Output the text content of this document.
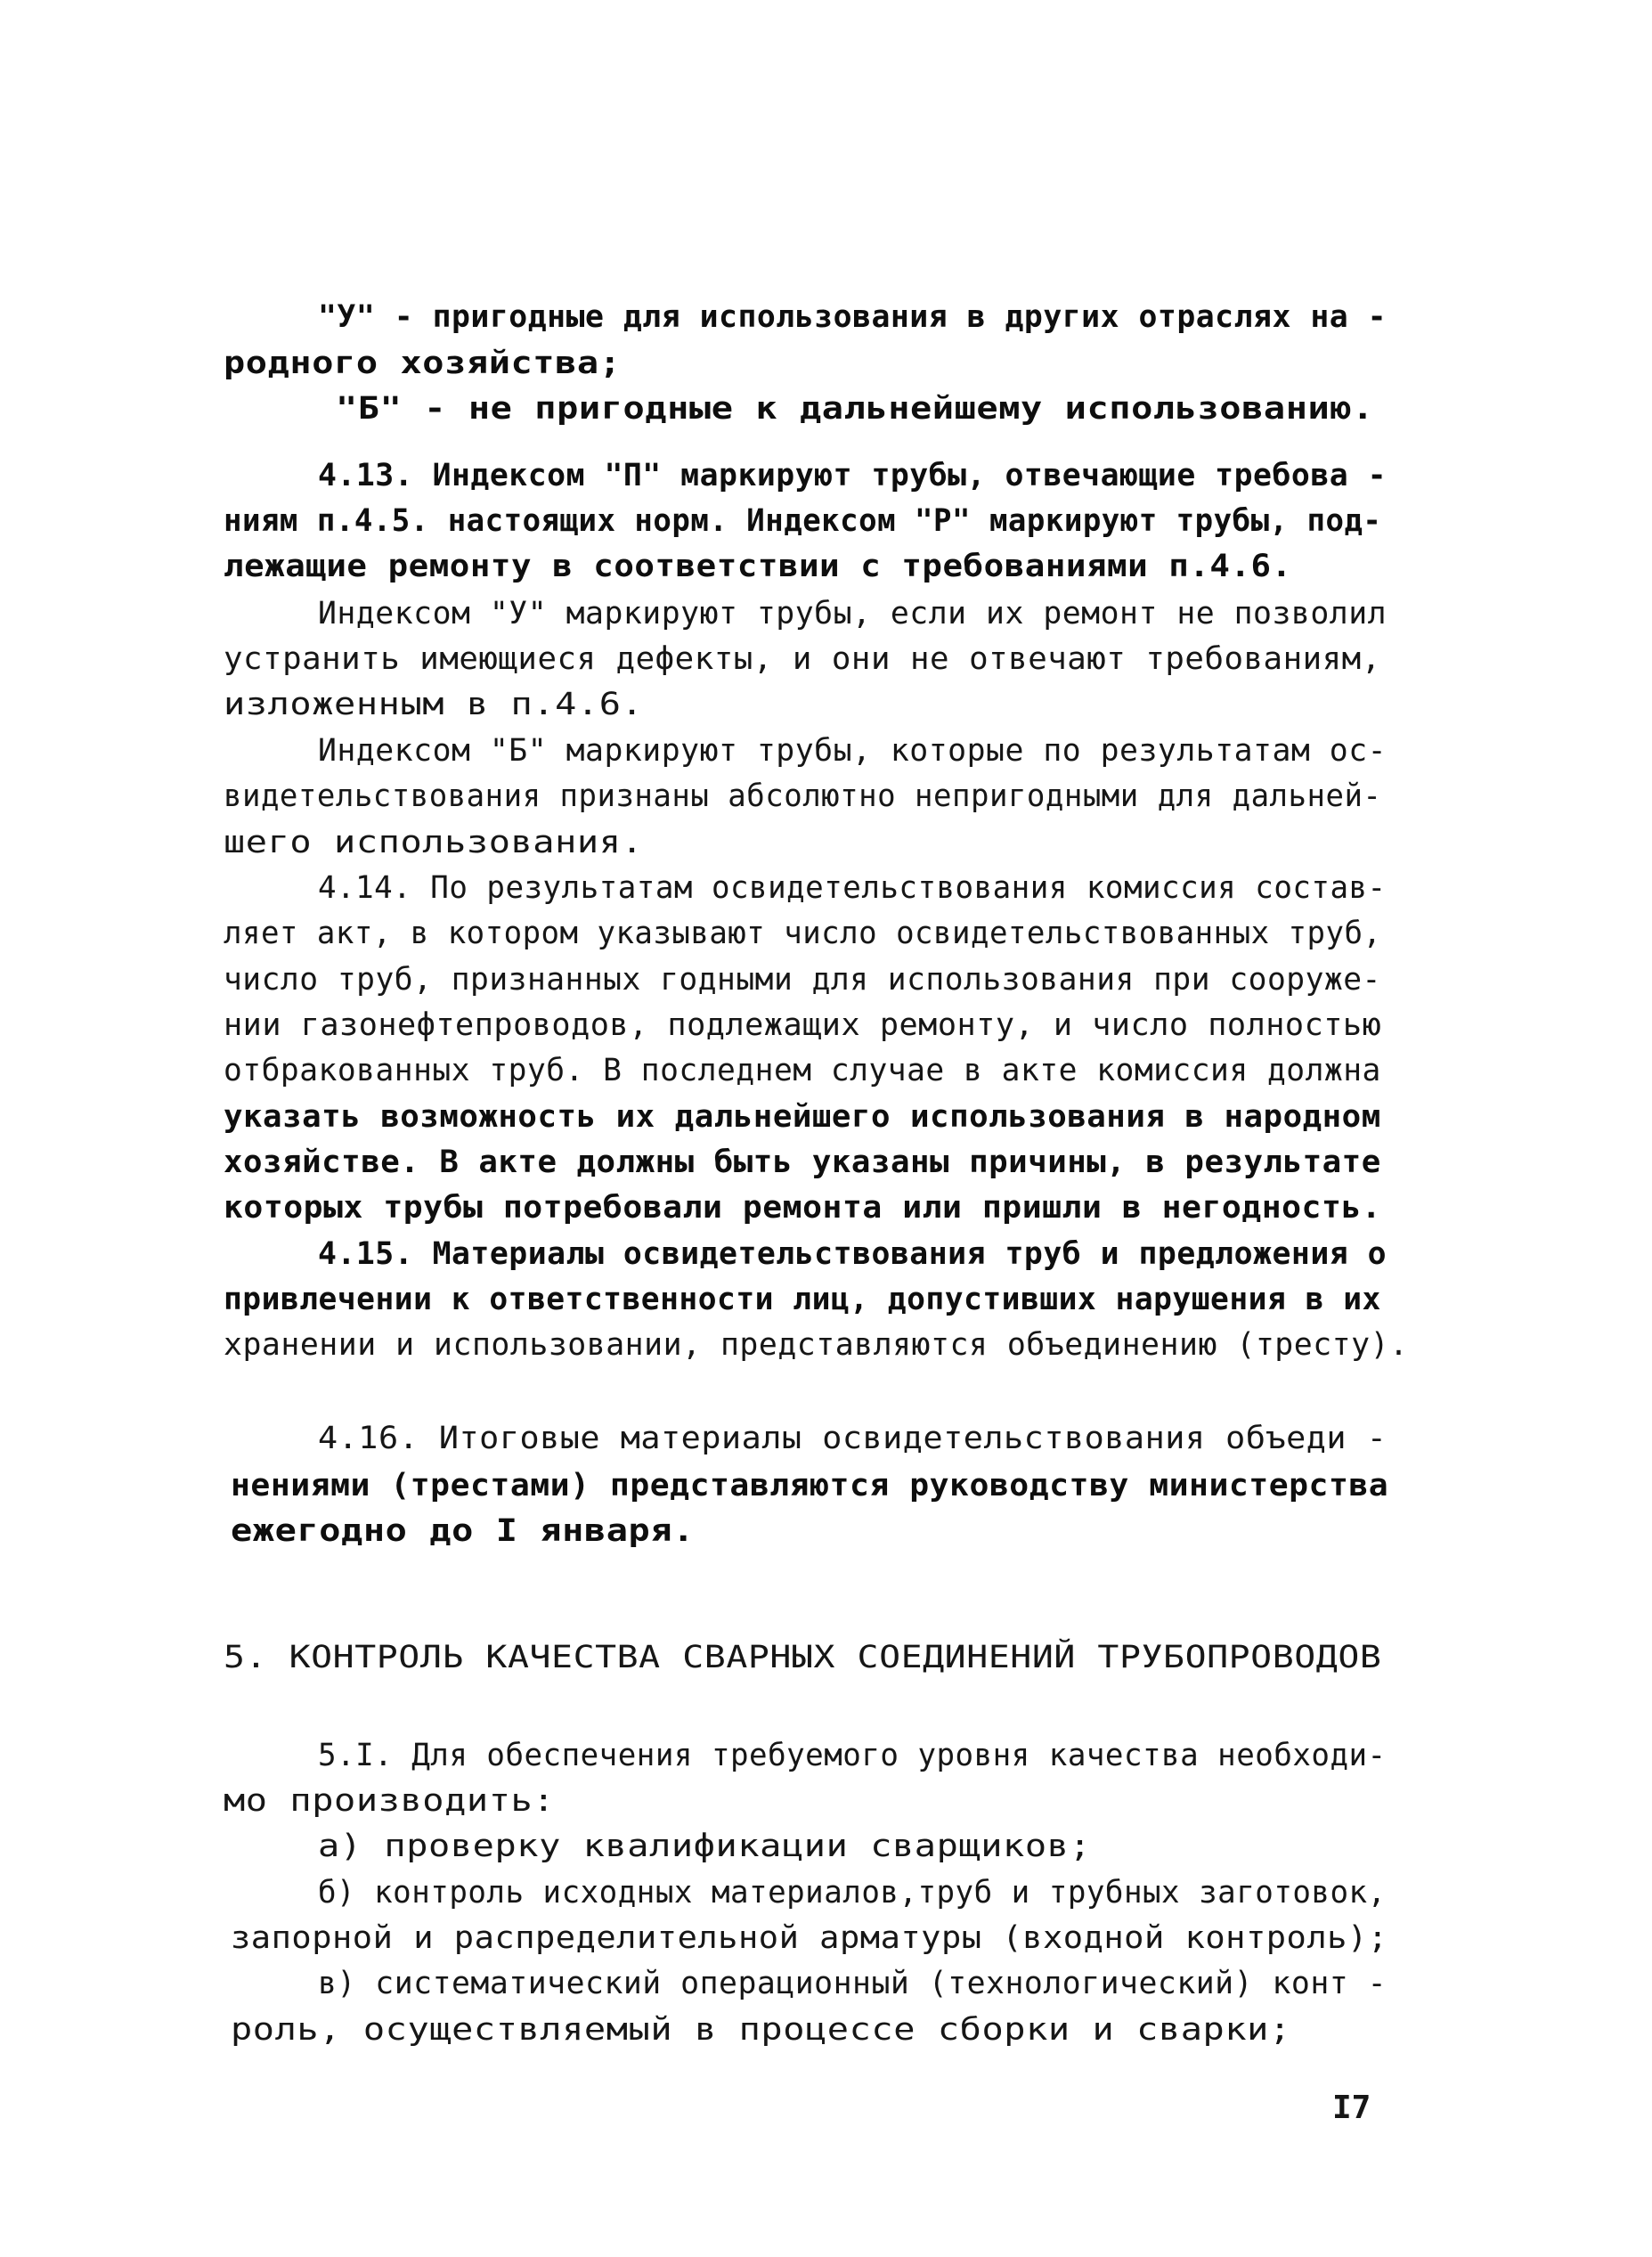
"У" - пригодные для использования в других отраслях на -
родного хозяйства;
"Б" - не пригодные к дальнейшему использованию.
4.13. Индексом "П" маркируют трубы, отвечающие требова -
ниям п.4.5. настоящих норм. Индексом "Р" маркируют трубы, под-
лежащие ремонту в соответствии с требованиями п.4.6.
Индексом "У" маркируют трубы, если их ремонт не позволил
устранить имеющиеся дефекты, и они не отвечают требованиям,
изложенным в п.4.6.
Индексом "Б" маркируют трубы, которые по результатам ос-
видетельствования признаны абсолютно непригодными для дальней-
шего использования.
4.14. По результатам освидетельствования комиссия состав-
ляет акт, в котором указывают число освидетельствованных труб,
число труб, признанных годными для использования при сооруже-
нии газонефтепроводов, подлежащих ремонту, и число полностью
отбракованных труб. В последнем случае в акте комиссия должна
указать возможность их дальнейшего использования в народном
хозяйстве. В акте должны быть указаны причины, в результате
которых трубы потребовали ремонта или пришли в негодность.
4.15. Материалы освидетельствования труб и предложения о
привлечении к ответственности лиц, допустивших нарушения в их
хранении и использовании, представляются объединению (тресту).
4.16. Итоговые материалы освидетельствования объеди -
нениями (трестами) представляются руководству министерства
ежегодно до I января.
5. КОНТРОЛЬ КАЧЕСТВА СВАРНЫХ СОЕДИНЕНИЙ ТРУБОПРОВОДОВ
5.I. Для обеспечения требуемого уровня качества необходи-
мо производить:
а) проверку квалификации сварщиков;
б) контроль исходных материалов,труб и трубных заготовок,
запорной и распределительной арматуры (входной контроль);
в) систематический операционный (технологический) конт -
роль, осуществляемый в процессе сборки и сварки;
I7
